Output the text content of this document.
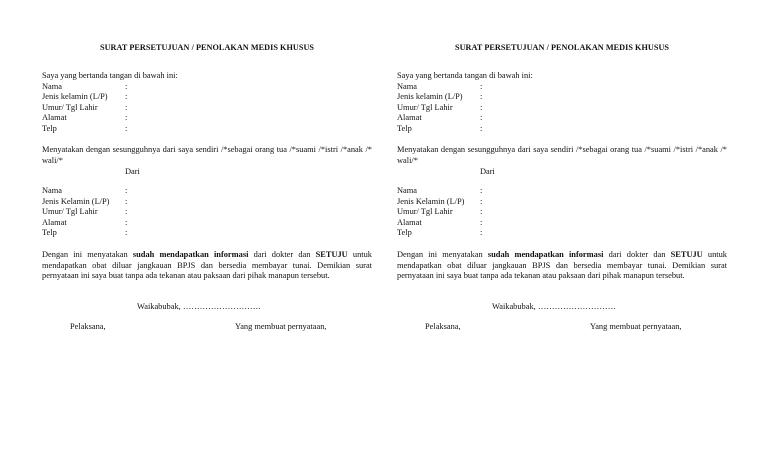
SURAT PERSETUJUAN / PENOLAKAN MEDIS KHUSUS
Saya yang bertanda tangan di bawah ini:
Nama	:
Jenis kelamin (L/P)	:
Umur/ Tgl Lahir	:
Alamat	:
Telp	:
Menyatakan dengan sesungguhnya dari saya sendiri /*sebagai orang tua /*suami /*istri /*anak /* wali/*
Dari
Nama	:
Jenis Kelamin (L/P)	:
Umur/ Tgl Lahir	:
Alamat	:
Telp	:
Dengan ini menyatakan sudah mendapatkan informasi dari dokter dan SETUJU untuk mendapatkan obat diluar jangkauan BPJS dan bersedia membayar tunai. Demikian surat pernyataan ini saya buat tanpa ada tekanan atau paksaan dari pihak manapun tersebut.
Waikabubak, ……………………….
Pelaksana,	Yang membuat pernyataan,
SURAT PERSETUJUAN / PENOLAKAN MEDIS KHUSUS
Saya yang bertanda tangan di bawah ini:
Nama	:
Jenis kelamin (L/P)	:
Umur/ Tgl Lahir	:
Alamat	:
Telp	:
Menyatakan dengan sesungguhnya dari saya sendiri /*sebagai orang tua /*suami /*istri /*anak /* wali/*
Dari
Nama	:
Jenis Kelamin (L/P)	:
Umur/ Tgl Lahir	:
Alamat	:
Telp	:
Dengan ini menyatakan sudah mendapatkan informasi dari dokter dan SETUJU untuk mendapatkan obat diluar jangkauan BPJS dan bersedia membayar tunai. Demikian surat pernyataan ini saya buat tanpa ada tekanan atau paksaan dari pihak manapun tersebut.
Waikabubak, ……………………….
Pelaksana,	Yang membuat pernyataan,
